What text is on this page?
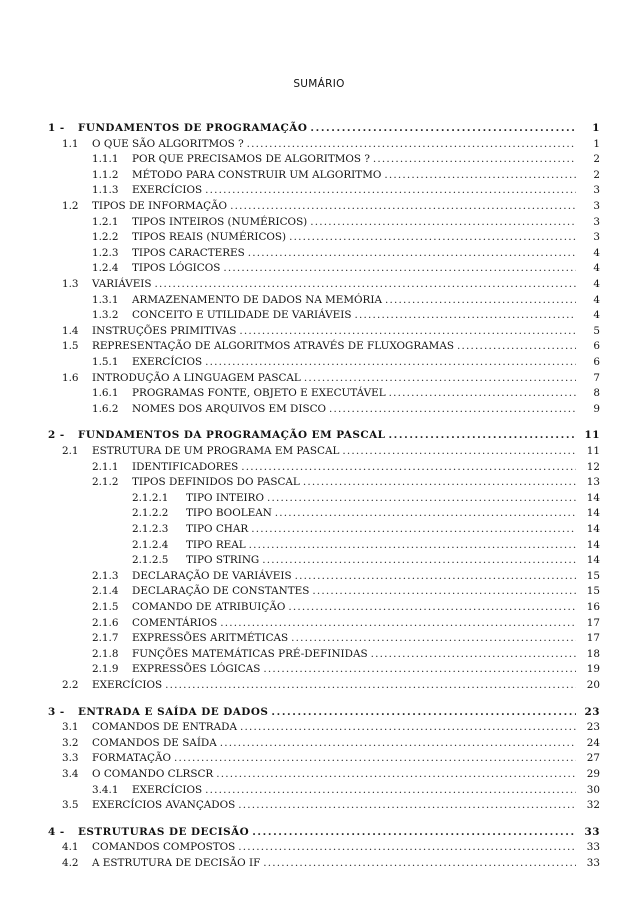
SUMÁRIO
1 - FUNDAMENTOS DE PROGRAMAÇÃO .....	1
1.1 O QUE SÃO ALGORITMOS ? .....	1
1.1.1 POR QUE PRECISAMOS DE ALGORITMOS ? .....	2
1.1.2 MÉTODO PARA CONSTRUIR UM ALGORITMO .....	2
1.1.3 EXERCÍCIOS .....	3
1.2 TIPOS DE INFORMAÇÃO .....	3
1.2.1 TIPOS INTEIROS (NUMÉRICOS) .....	3
1.2.2 TIPOS REAIS (NUMÉRICOS) .....	3
1.2.3 TIPOS CARACTERES .....	4
1.2.4 TIPOS LÓGICOS .....	4
1.3 VARIÁVEIS .....	4
1.3.1 ARMAZENAMENTO DE DADOS NA MEMÓRIA .....	4
1.3.2 CONCEITO E UTILIDADE DE VARIÁVEIS .....	4
1.4 INSTRUÇÕES PRIMITIVAS .....	5
1.5 REPRESENTAÇÃO DE ALGORITMOS ATRAVÉS DE FLUXOGRAMAS .....	6
1.5.1 EXERCÍCIOS .....	6
1.6 INTRODUÇÃO A LINGUAGEM PASCAL .....	7
1.6.1 PROGRAMAS FONTE, OBJETO E EXECUTÁVEL .....	8
1.6.2 NOMES DOS ARQUIVOS EM DISCO .....	9
2 - FUNDAMENTOS DA PROGRAMAÇÃO EM PASCAL .....	11
2.1 ESTRUTURA DE UM PROGRAMA EM PASCAL .....	11
2.1.1 IDENTIFICADORES .....	12
2.1.2 TIPOS DEFINIDOS DO PASCAL .....	13
2.1.2.1 TIPO INTEIRO .....	14
2.1.2.2 TIPO BOOLEAN .....	14
2.1.2.3 TIPO CHAR .....	14
2.1.2.4 TIPO REAL .....	14
2.1.2.5 TIPO STRING .....	14
2.1.3 DECLARAÇÃO DE VARIÁVEIS .....	15
2.1.4 DECLARAÇÃO DE CONSTANTES .....	15
2.1.5 COMANDO DE ATRIBUIÇÃO .....	16
2.1.6 COMENTÁRIOS .....	17
2.1.7 EXPRESSÕES ARITMÉTICAS .....	17
2.1.8 FUNÇÕES MATEMÁTICAS PRÉ-DEFINIDAS .....	18
2.1.9 EXPRESSÕES LÓGICAS .....	19
2.2 EXERCÍCIOS .....	20
3 - ENTRADA E SAÍDA DE DADOS .....	23
3.1 COMANDOS DE ENTRADA .....	23
3.2 COMANDOS DE SAÍDA .....	24
3.3 FORMATAÇÃO .....	27
3.4 O COMANDO CLRSCR .....	29
3.4.1 EXERCÍCIOS .....	30
3.5 EXERCÍCIOS AVANÇADOS .....	32
4 - ESTRUTURAS DE DECISÃO .....	33
4.1 COMANDOS COMPOSTOS .....	33
4.2 A ESTRUTURA DE DECISÃO IF .....	33
